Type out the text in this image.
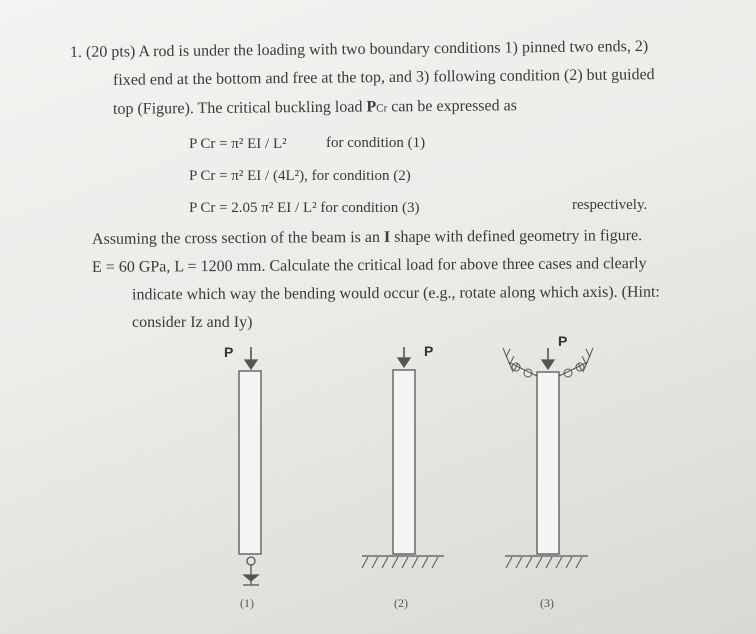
1. (20 pts) A rod is under the loading with two boundary conditions 1) pinned two ends, 2)
fixed end at the bottom and free at the top, and 3) following condition (2) but guided
top (Figure). The critical buckling load PCr can be expressed as
P Cr = π² EI / L²	for condition (1)
P Cr = π² EI / (4L²), for condition (2)
P Cr = 2.05 π² EI / L² for condition (3)	respectively.
Assuming the cross section of the beam is an I shape with defined geometry in figure.
E = 60 GPa, L = 1200 mm. Calculate the critical load for above three cases and clearly
indicate which way the bending would occur (e.g., rotate along which axis). (Hint:
consider Iz and Iy)
P	P
P
(1)	(2)	(3)
